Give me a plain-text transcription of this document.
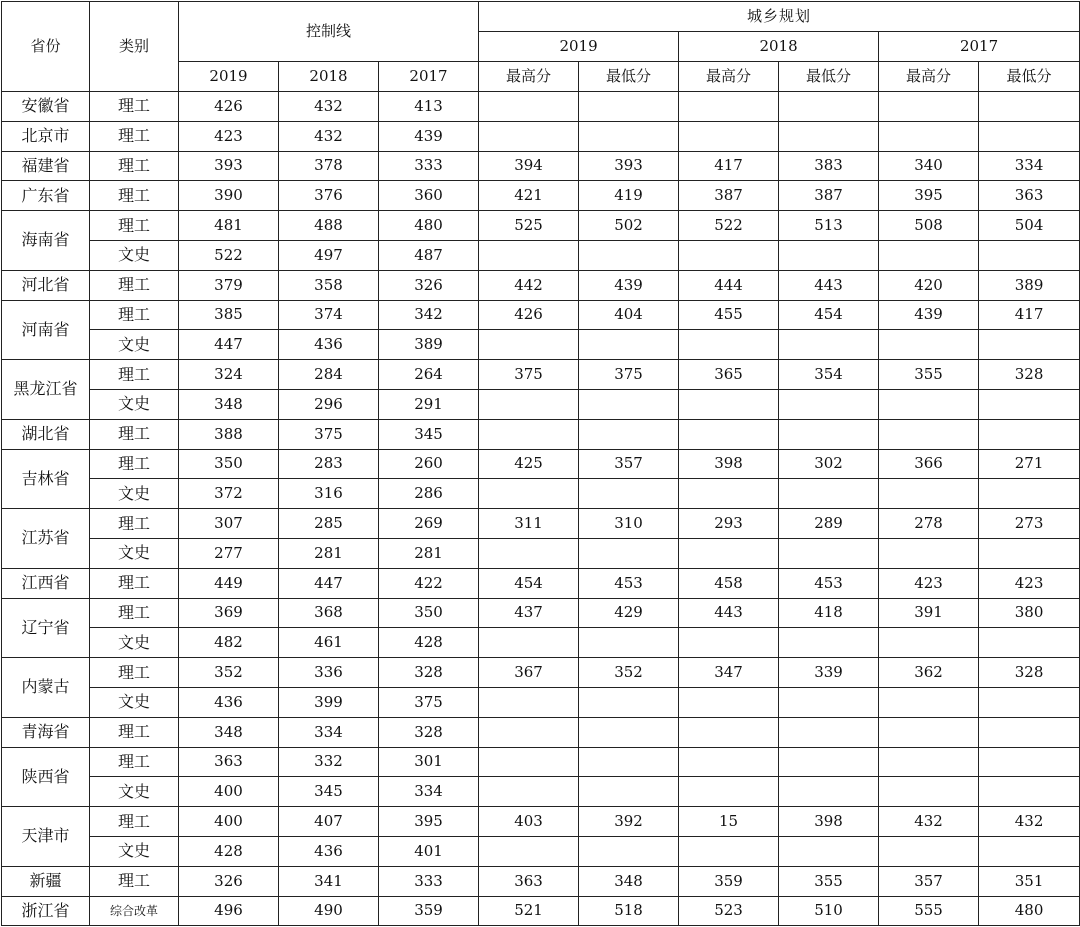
省份	类别	控制线			城乡规划					
					2019		2018		2017	
		2019	2018	2017	最高分	最低分	最高分	最低分	最高分	最低分
安徽省	理工	426	432	413						
北京市	理工	423	432	439						
福建省	理工	393	378	333	394	393	417	383	340	334
广东省	理工	390	376	360	421	419	387	387	395	363
海南省	理工	481	488	480	525	502	522	513	508	504
	文史	522	497	487						
河北省	理工	379	358	326	442	439	444	443	420	389
河南省	理工	385	374	342	426	404	455	454	439	417
	文史	447	436	389						
黑龙江省	理工	324	284	264	375	375	365	354	355	328
	文史	348	296	291						
湖北省	理工	388	375	345						
吉林省	理工	350	283	260	425	357	398	302	366	271
	文史	372	316	286						
江苏省	理工	307	285	269	311	310	293	289	278	273
	文史	277	281	281						
江西省	理工	449	447	422	454	453	458	453	423	423
辽宁省	理工	369	368	350	437	429	443	418	391	380
	文史	482	461	428						
内蒙古	理工	352	336	328	367	352	347	339	362	328
	文史	436	399	375						
青海省	理工	348	334	328						
陕西省	理工	363	332	301						
	文史	400	345	334						
天津市	理工	400	407	395	403	392	15	398	432	432
	文史	428	436	401						
新疆	理工	326	341	333	363	348	359	355	357	351
浙江省	综合改革	496	490	359	521	518	523	510	555	480
